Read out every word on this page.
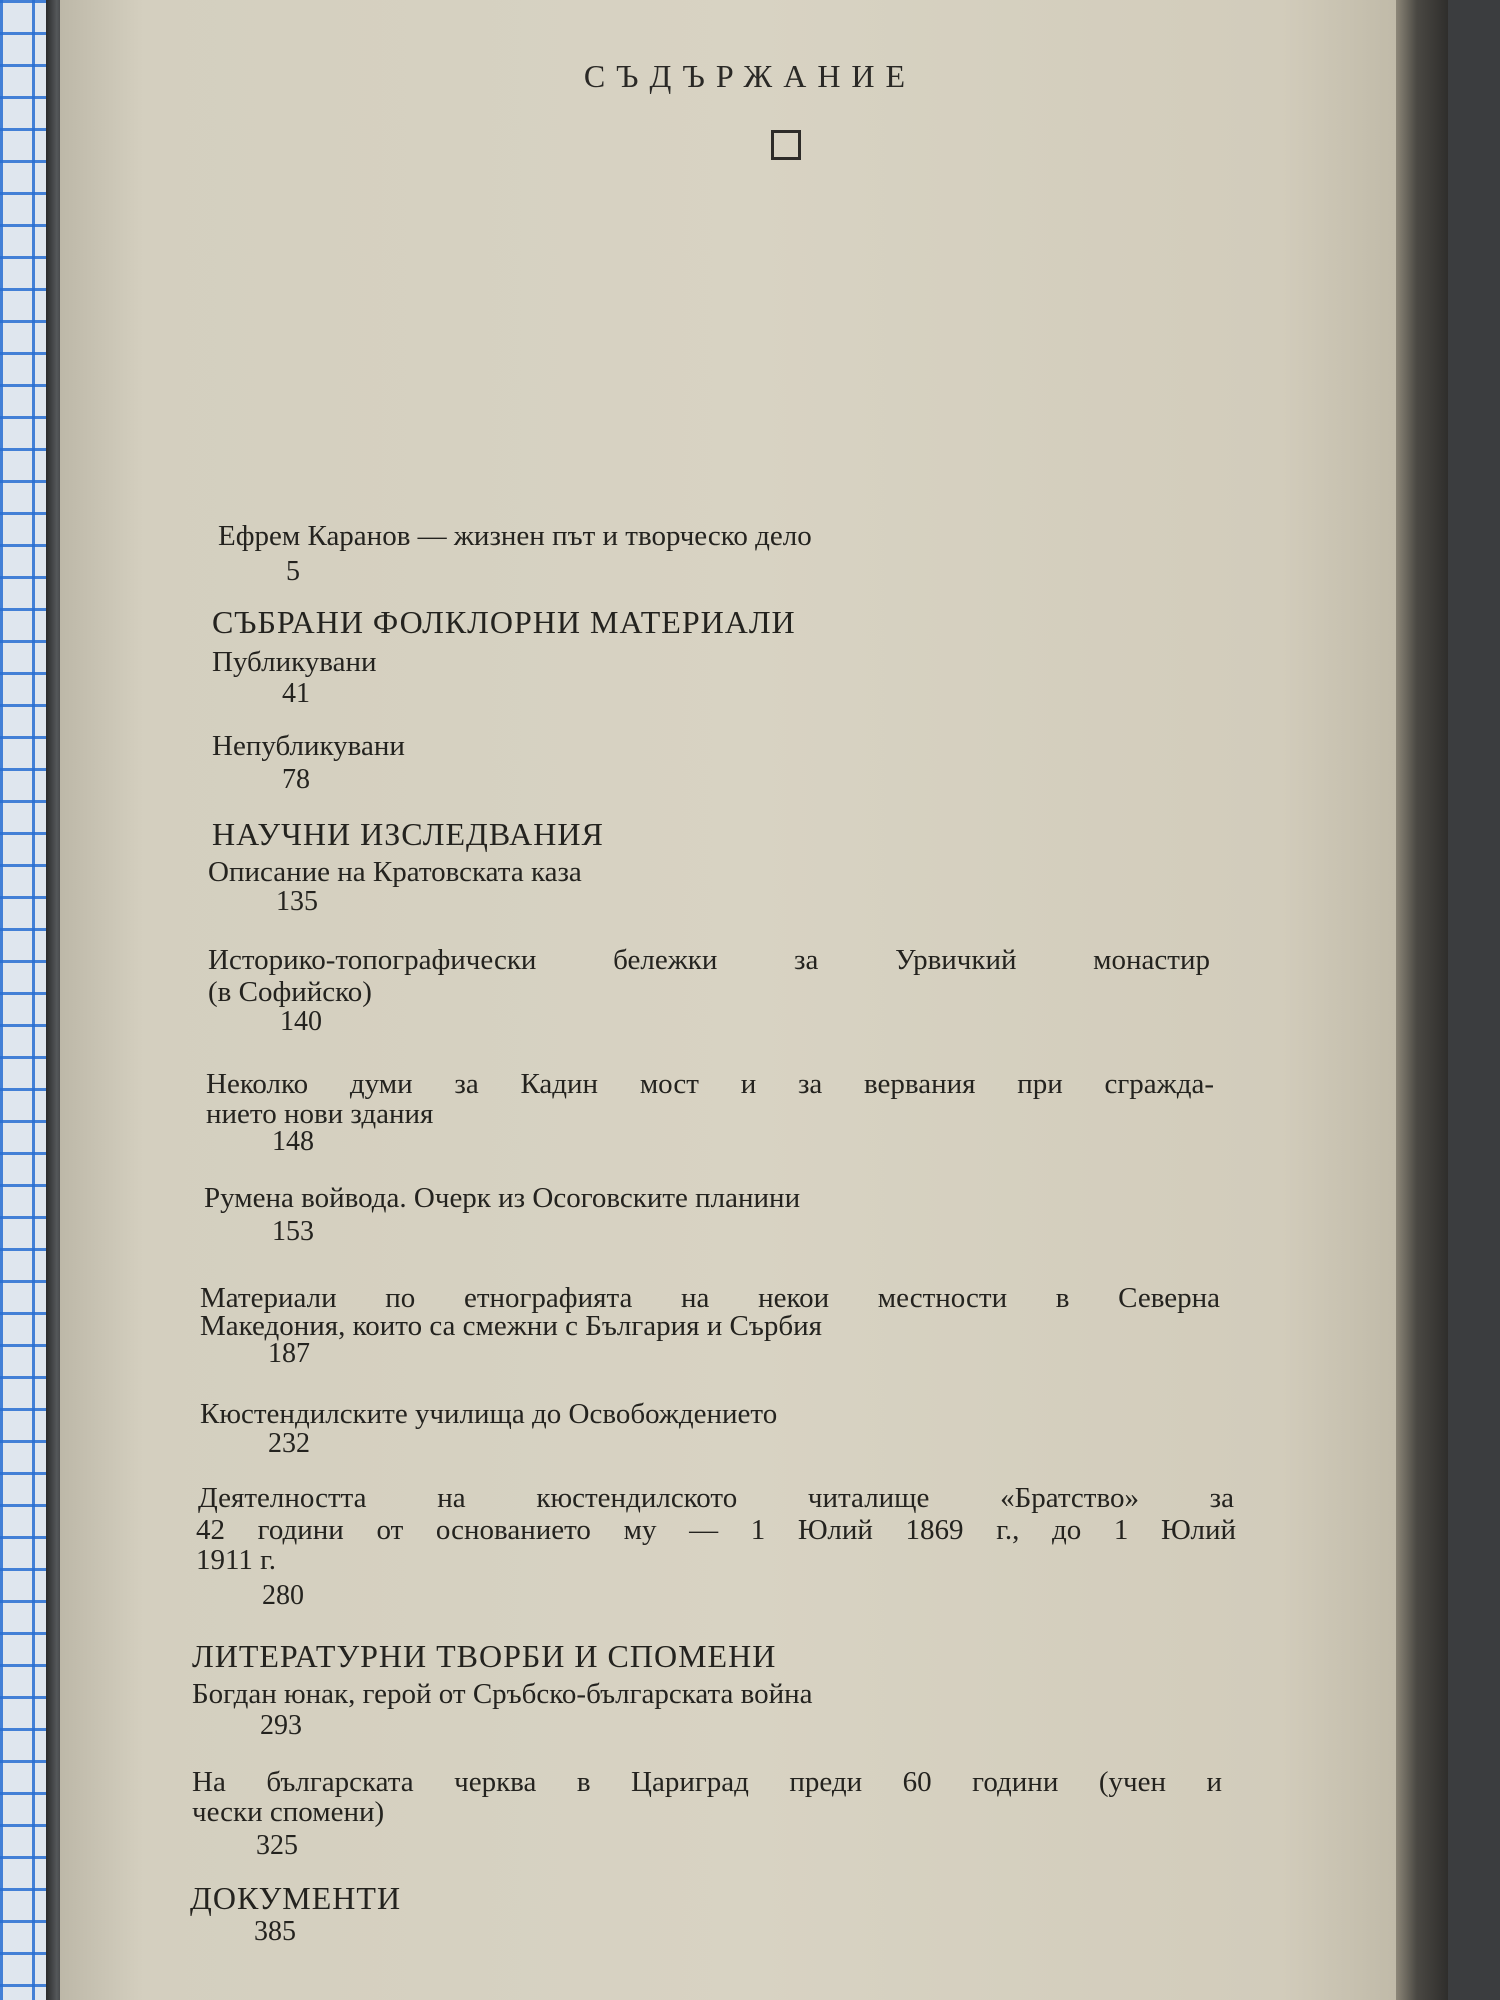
СЪДЪРЖАНИЕ
Ефрем Каранов — жизнен път и творческо дело
5
СЪБРАНИ ФОЛКЛОРНИ МАТЕРИАЛИ
Публикувани
41
Непубликувани
78
НАУЧНИ ИЗСЛЕДВАНИЯ
Описание на Кратовската каза
135
Историко-топографически бележки за Урвичкий монастир
(в Софийско)
140
Неколко думи за Кадин мост и за вервания при сгражда-
нието нови здания
148
Румена войвода. Очерк из Осоговските планини
153
Материали по етнографията на некои местности в Северна
Македония, които са смежни с България и Сърбия
187
Кюстендилските училища до Освобождението
232
Деятелността на кюстендилското читалище «Братство» за
42 години от основанието му — 1 Юлий 1869 г., до 1 Юлий
1911 г.
280
ЛИТЕРАТУРНИ ТВОРБИ И СПОМЕНИ
Богдан юнак, герой от Сръбско-българската война
293
На българската черква в Цариград преди 60 години (учен и
чески спомени)
325
ДОКУМЕНТИ
385
